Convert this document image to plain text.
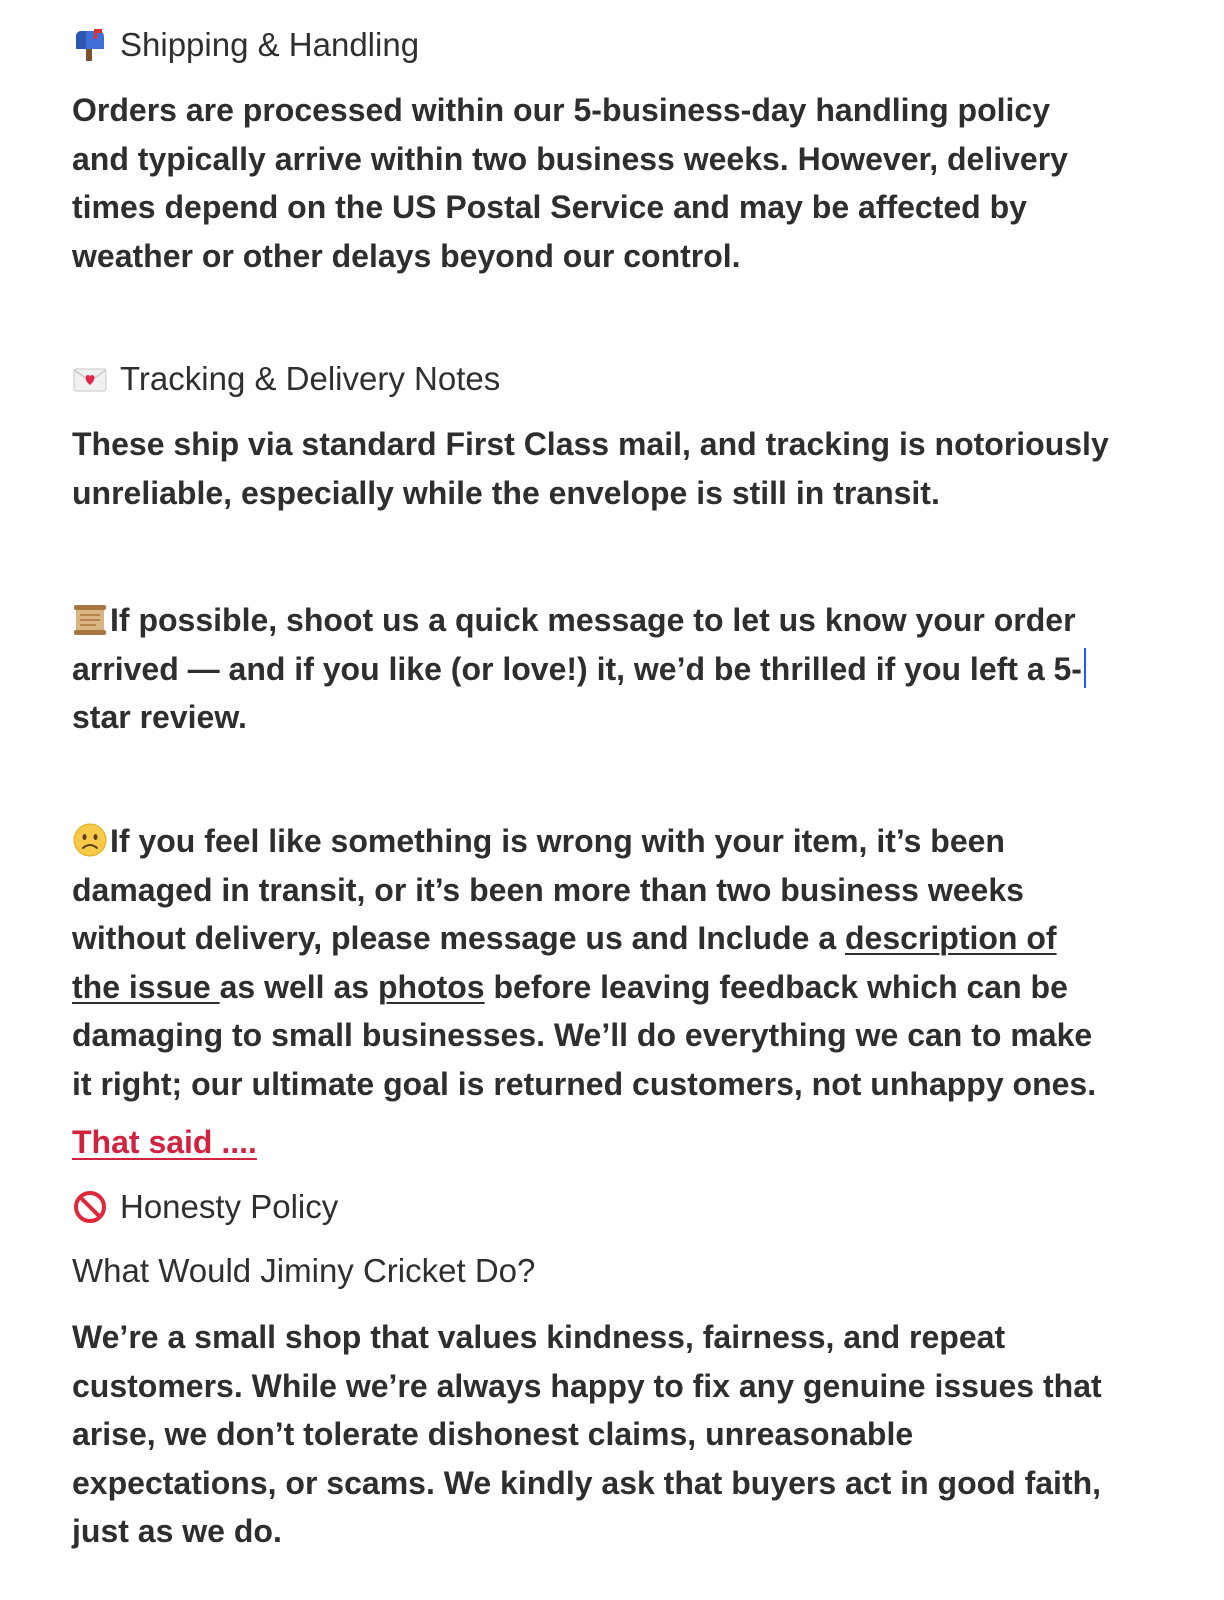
Shipping & Handling
Orders are processed within our 5-business-day handling policy
and typically arrive within two business weeks. However, delivery
times depend on the US Postal Service and may be affected by
weather or other delays beyond our control.
Tracking & Delivery Notes
These ship via standard First Class mail, and tracking is notoriously
unreliable, especially while the envelope is still in transit.
If possible, shoot us a quick message to let us know your order
arrived — and if you like (or love!) it, we’d be thrilled if you left a 5-
star review.
If you feel like something is wrong with your item, it’s been
damaged in transit, or it’s been more than two business weeks
without delivery, please message us and Include a description of
the issue as well as photos before leaving feedback which can be
damaging to small businesses. We’ll do everything we can to make
it right; our ultimate goal is returned customers, not unhappy ones.
That said ....
Honesty Policy
What Would Jiminy Cricket Do?
We’re a small shop that values kindness, fairness, and repeat
customers. While we’re always happy to fix any genuine issues that
arise, we don’t tolerate dishonest claims, unreasonable
expectations, or scams. We kindly ask that buyers act in good faith,
just as we do.
